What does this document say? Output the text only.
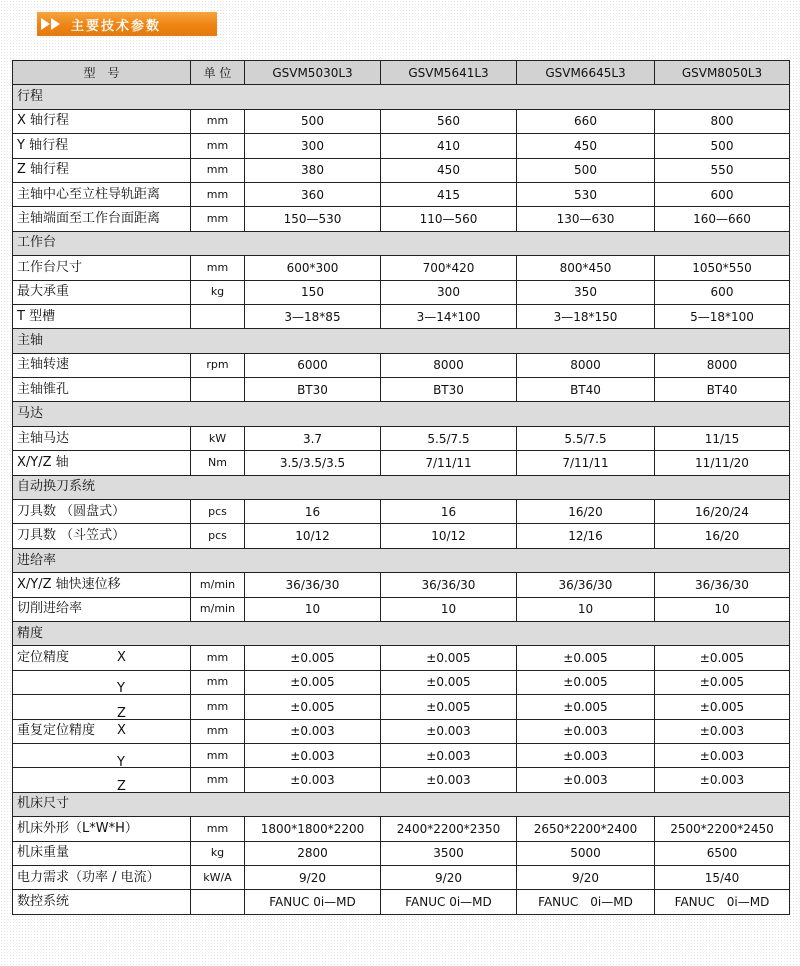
主要技术参数
型　号	单 位	GSVM5030L3	GSVM5641L3	GSVM6645L3	GSVM8050L3
行程					
X 轴行程	mm	500	560	660	800
Y 轴行程	mm	300	410	450	500
Z 轴行程	mm	380	450	500	550
主轴中心至立柱导轨距离	mm	360	415	530	600
主轴端面至工作台面距离	mm	150—530	110—560	130—630	160—660
工作台					
工作台尺寸	mm	600*300	700*420	800*450	1050*550
最大承重	kg	150	300	350	600
T 型槽		3—18*85	3—14*100	3—18*150	5—18*100
主轴					
主轴转速	rpm	6000	8000	8000	8000
主轴锥孔		BT30	BT30	BT40	BT40
马达					
主轴马达	kW	3.7	5.5/7.5	5.5/7.5	11/15
X/Y/Z 轴	Nm	3.5/3.5/3.5	7/11/11	7/11/11	11/11/20
自动换刀系统					
刀具数 （圆盘式）	pcs	16	16	16/20	16/20/24
刀具数 （斗笠式）	pcs	10/12	10/12	12/16	16/20
进给率					
X/Y/Z 轴快速位移	m/min	36/36/30	36/36/30	36/36/30	36/36/30
切削进给率	m/min	10	10	10	10
精度					
定位精度 X	mm	±0.005	±0.005	±0.005	±0.005

Y	mm	±0.005	±0.005	±0.005	±0.005

Z	mm	±0.005	±0.005	±0.005	±0.005
重复定位精度 X	mm	±0.003	±0.003	±0.003	±0.003

Y	mm	±0.003	±0.003	±0.003	±0.003

Z	mm	±0.003	±0.003	±0.003	±0.003
机床尺寸					
机床外形（L*W*H）	mm	1800*1800*2200	2400*2200*2350	2650*2200*2400	2500*2200*2450
机床重量	kg	2800	3500	5000	6500
电力需求（功率 / 电流）	kW/A	9/20	9/20	9/20	15/40
数控系统		FANUC 0i—MD	FANUC 0i—MD	FANUC　0i—MD	FANUC　0i—MD
